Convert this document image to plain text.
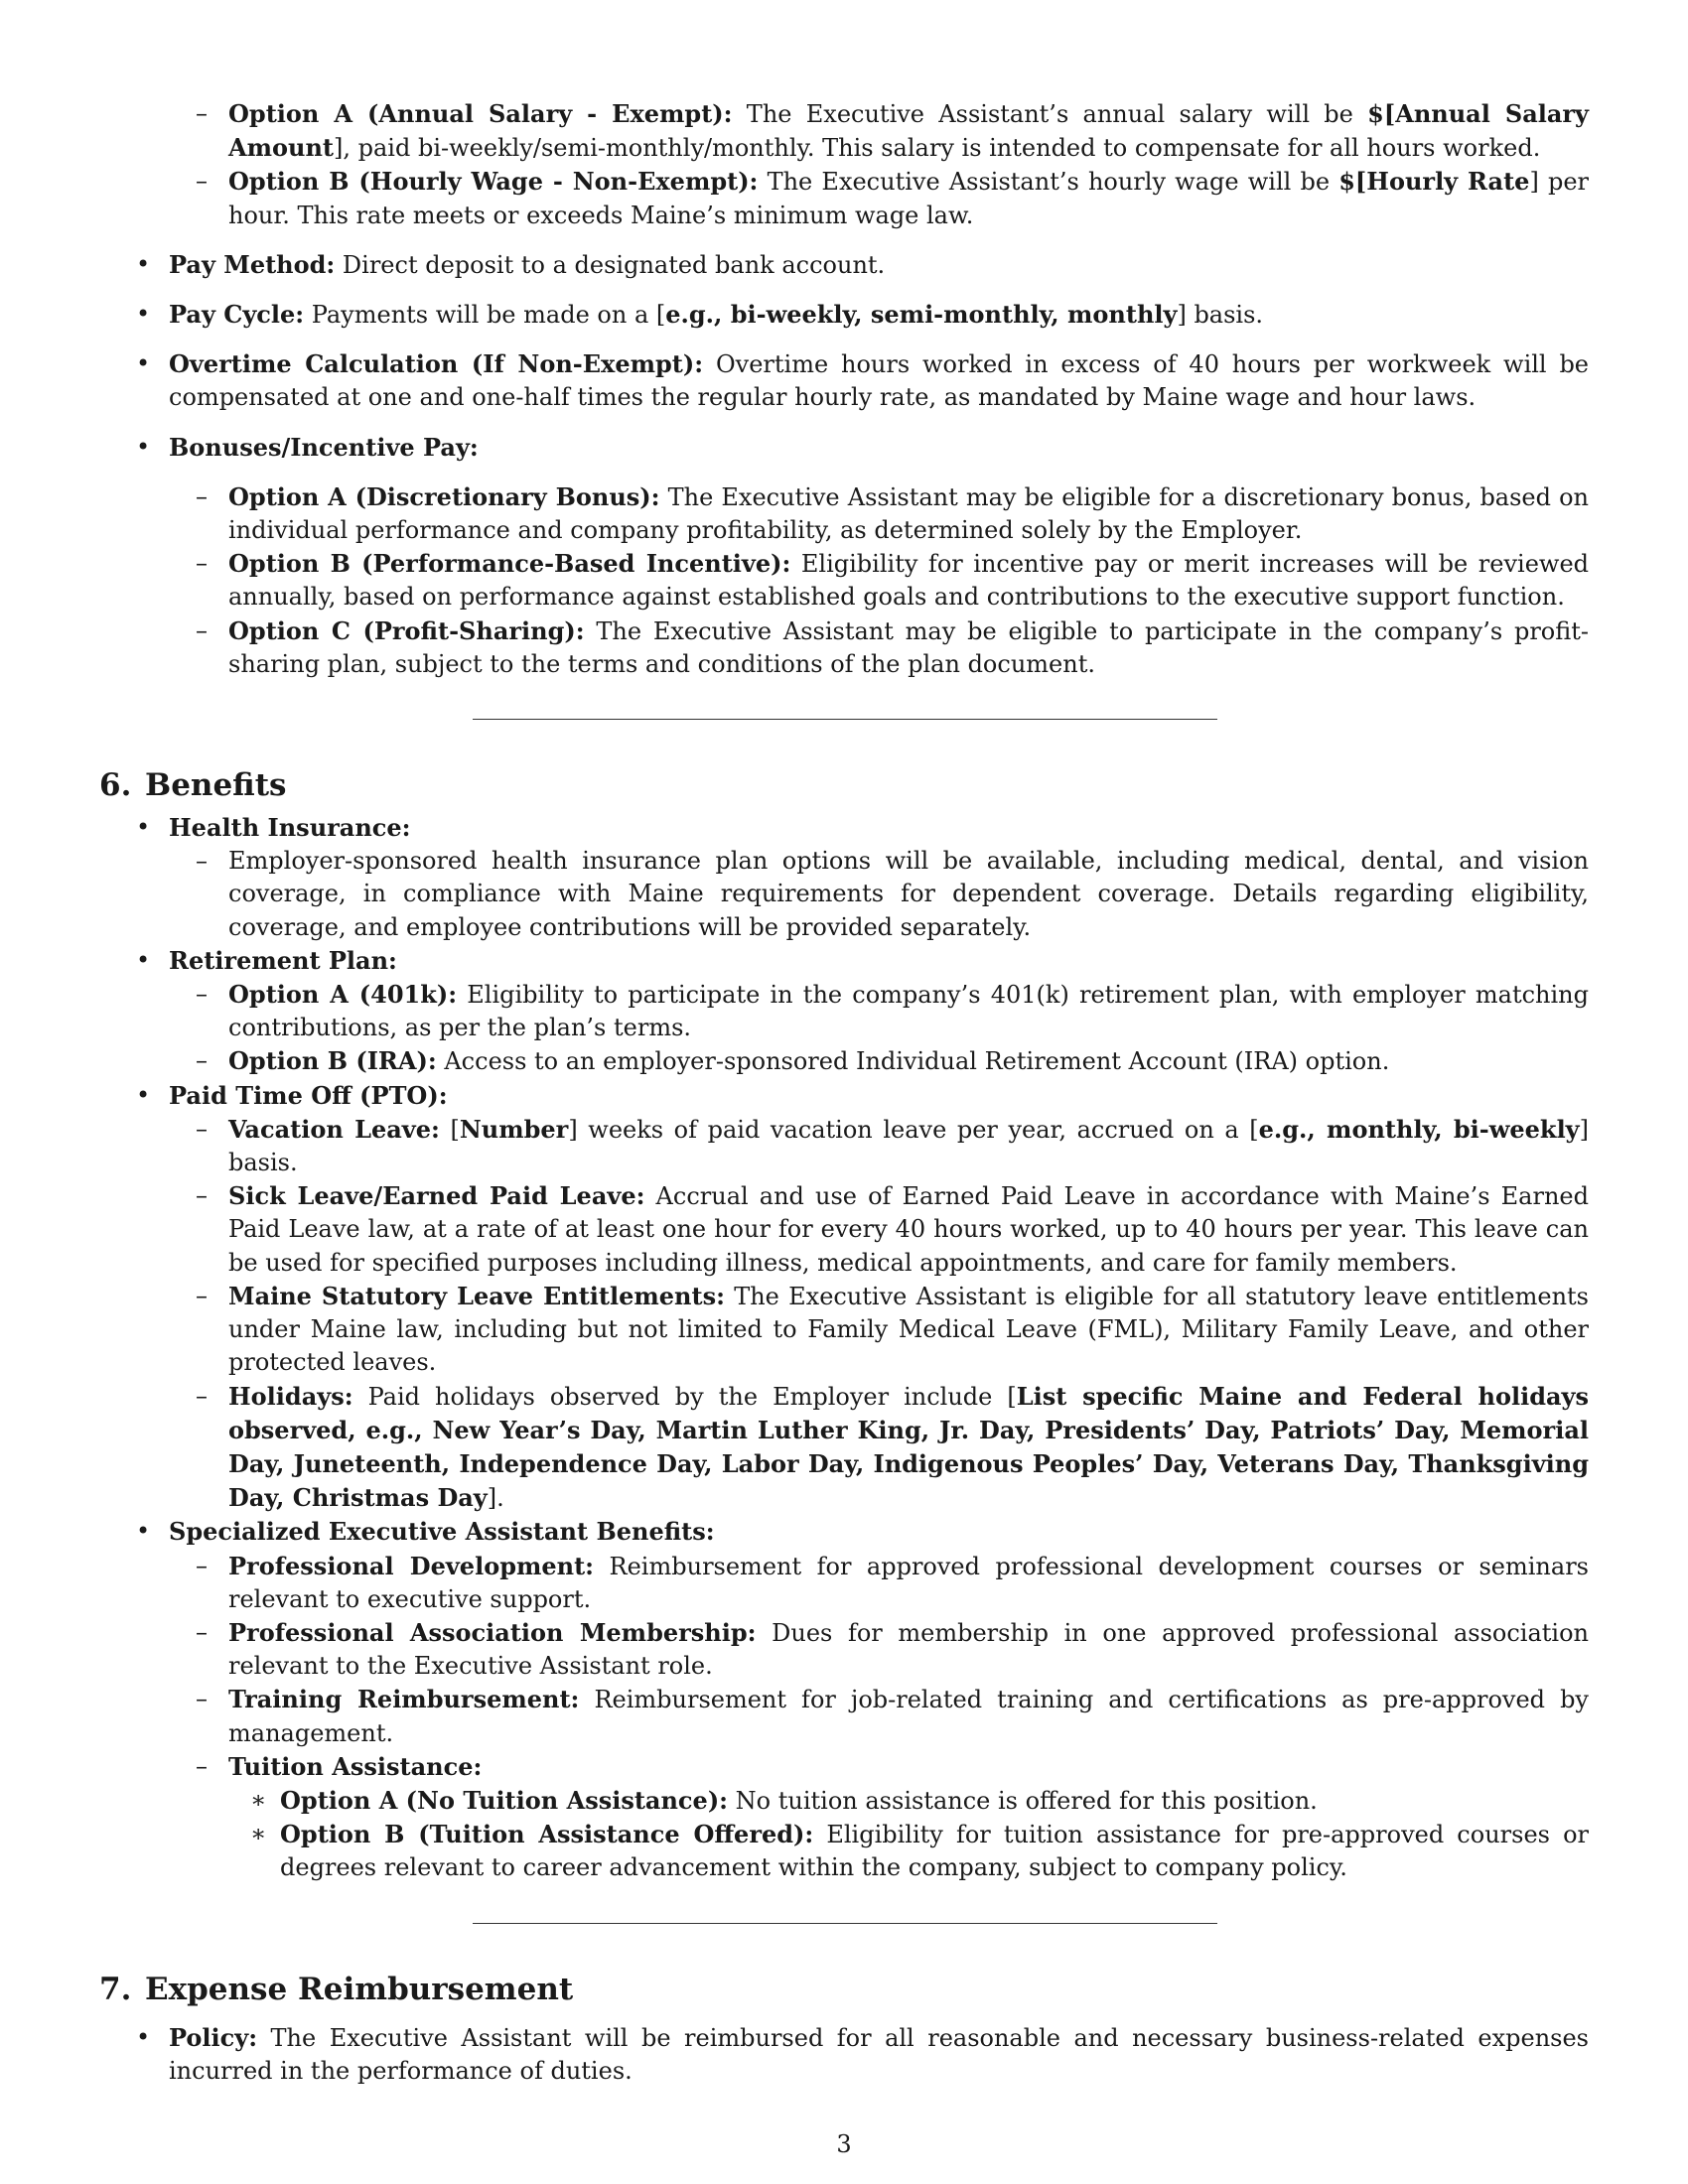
– Option A (Annual Salary - Exempt): The Executive Assistant’s annual salary will be $[Annual Salary Amount], paid bi-weekly/semi-monthly/monthly. This salary is intended to compensate for all hours worked.
– Option B (Hourly Wage - Non-Exempt): The Executive Assistant’s hourly wage will be $[Hourly Rate] per hour. This rate meets or exceeds Maine’s minimum wage law.
• Pay Method: Direct deposit to a designated bank account.
• Pay Cycle: Payments will be made on a [e.g., bi-weekly, semi-monthly, monthly] basis.
• Overtime Calculation (If Non-Exempt): Overtime hours worked in excess of 40 hours per workweek will be compensated at one and one-half times the regular hourly rate, as mandated by Maine wage and hour laws.
• Bonuses/Incentive Pay:
– Option A (Discretionary Bonus): The Executive Assistant may be eligible for a discretionary bonus, based on individual performance and company profitability, as determined solely by the Employer.
– Option B (Performance-Based Incentive): Eligibility for incentive pay or merit increases will be reviewed annually, based on performance against established goals and contributions to the executive support function.
– Option C (Profit-Sharing): The Executive Assistant may be eligible to participate in the company’s profit-sharing plan, subject to the terms and conditions of the plan document.
6. Benefits
• Health Insurance:
– Employer-sponsored health insurance plan options will be available, including medical, dental, and vision coverage, in compliance with Maine requirements for dependent coverage. Details regarding eligibility, coverage, and employee contributions will be provided separately.
• Retirement Plan:
– Option A (401k): Eligibility to participate in the company’s 401(k) retirement plan, with employer matching contributions, as per the plan’s terms.
– Option B (IRA): Access to an employer-sponsored Individual Retirement Account (IRA) option.
• Paid Time Off (PTO):
– Vacation Leave: [Number] weeks of paid vacation leave per year, accrued on a [e.g., monthly, bi-weekly] basis.
– Sick Leave/Earned Paid Leave: Accrual and use of Earned Paid Leave in accordance with Maine’s Earned Paid Leave law, at a rate of at least one hour for every 40 hours worked, up to 40 hours per year. This leave can be used for specified purposes including illness, medical appointments, and care for family members.
– Maine Statutory Leave Entitlements: The Executive Assistant is eligible for all statutory leave entitlements under Maine law, including but not limited to Family Medical Leave (FML), Military Family Leave, and other protected leaves.
– Holidays: Paid holidays observed by the Employer include [List specific Maine and Federal holidays observed, e.g., New Year’s Day, Martin Luther King, Jr. Day, Presidents’ Day, Patriots’ Day, Memorial Day, Juneteenth, Independence Day, Labor Day, Indigenous Peoples’ Day, Veterans Day, Thanksgiving Day, Christmas Day].
• Specialized Executive Assistant Benefits:
– Professional Development: Reimbursement for approved professional development courses or seminars relevant to executive support.
– Professional Association Membership: Dues for membership in one approved professional association relevant to the Executive Assistant role.
– Training Reimbursement: Reimbursement for job-related training and certifications as pre-approved by management.
– Tuition Assistance:
∗ Option A (No Tuition Assistance): No tuition assistance is offered for this position.
∗ Option B (Tuition Assistance Offered): Eligibility for tuition assistance for pre-approved courses or degrees relevant to career advancement within the company, subject to company policy.
7. Expense Reimbursement
• Policy: The Executive Assistant will be reimbursed for all reasonable and necessary business-related expenses incurred in the performance of duties.
3
